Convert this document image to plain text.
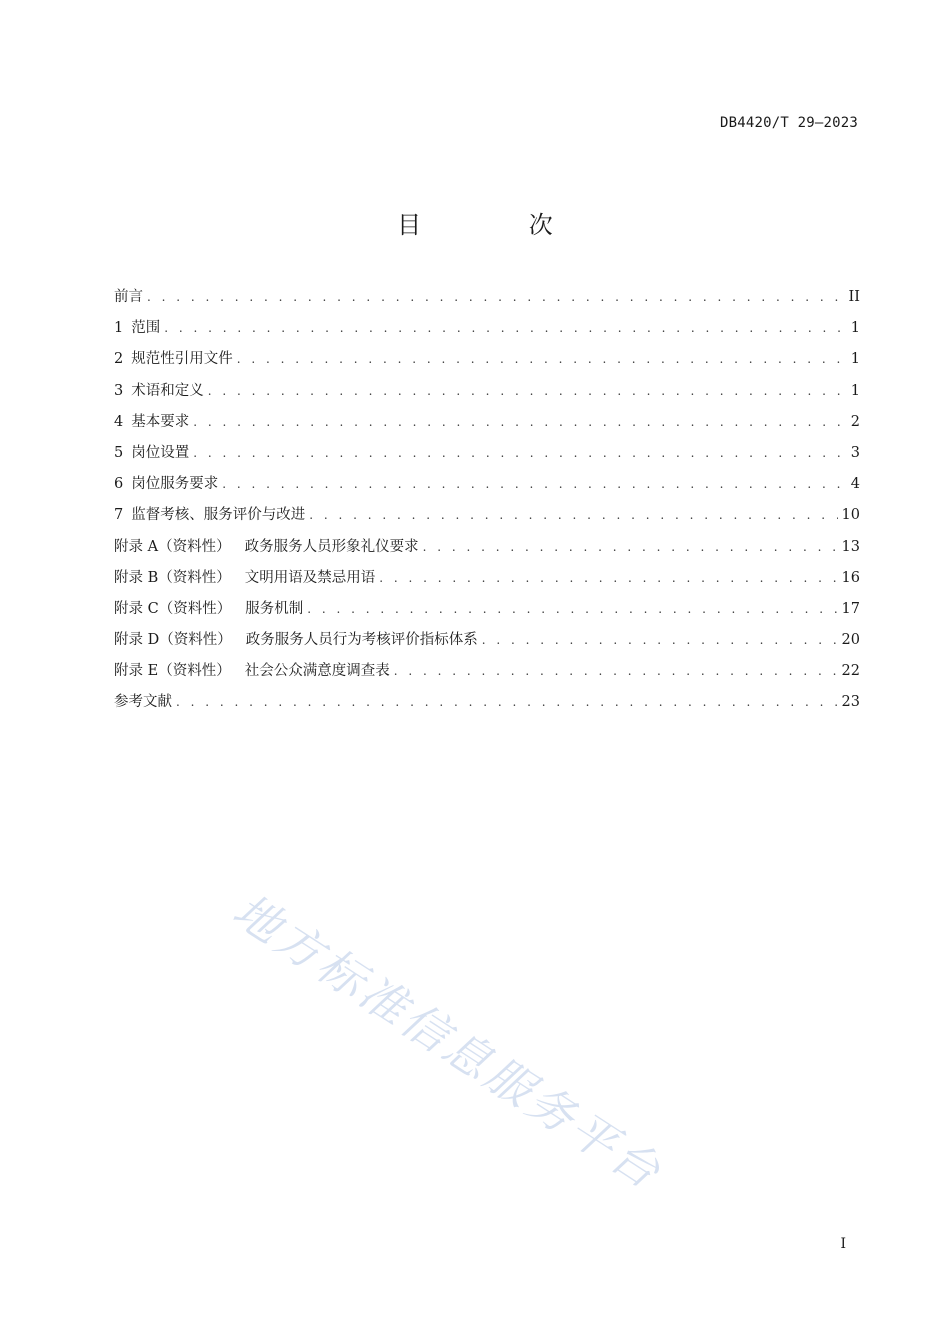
DB4420/T 29—2023
目 次
前言 . . .	II
1 范围 . . .	1
2 规范性引用文件 . . .	1
3 术语和定义 . . .	1
4 基本要求 . . .	2
5 岗位设置 . . .	3
6 岗位服务要求 . . .	4
7 监督考核、服务评价与改进 . . .	10
附录 A（资料性） 政务服务人员形象礼仪要求 . . .	13
附录 B（资料性） 文明用语及禁忌用语 . . .	16
附录 C（资料性） 服务机制 . . .	17
附录 D（资料性） 政务服务人员行为考核评价指标体系 . . .	20
附录 E（资料性） 社会公众满意度调查表 . . .	22
参考文献 . . .	23
地方标准信息服务平台
I
